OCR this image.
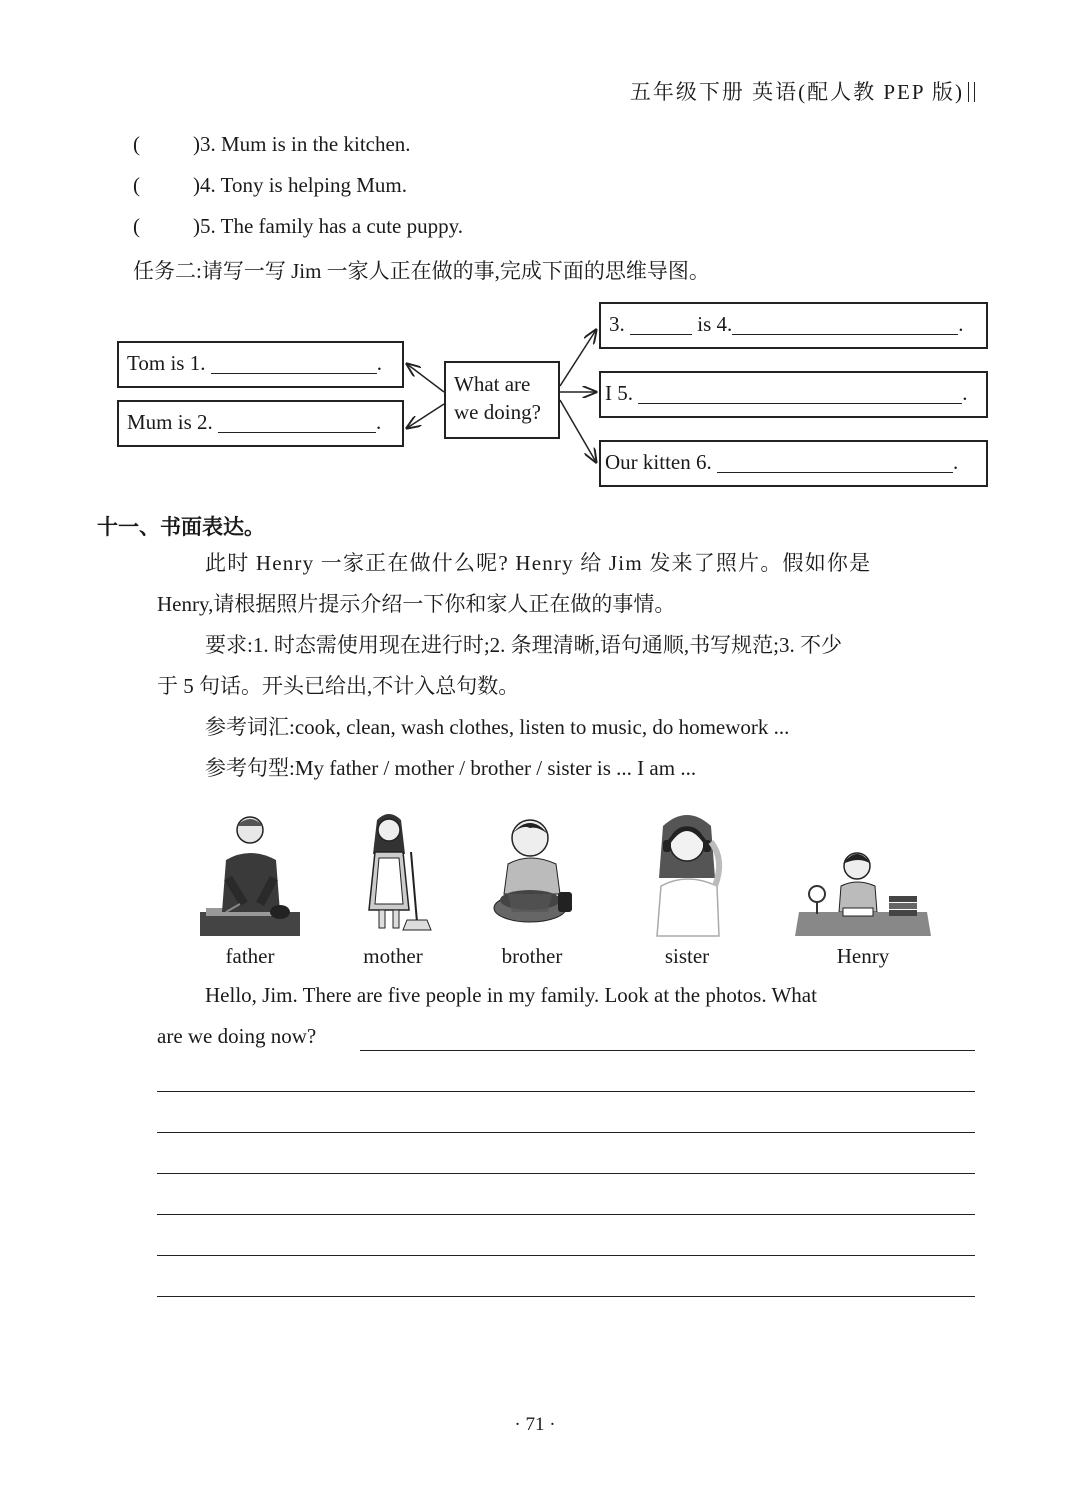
五年级下册 英语(配人教 PEP 版)
(	)3. Mum is in the kitchen.
(	)4. Tony is helping Mum.
(	)5. The family has a cute puppy.
任务二:请写一写 Jim 一家人正在做的事,完成下面的思维导图。
Tom is 1.	.
Mum is 2.	.
What are
we doing?
3.	is 4.	.
I 5.	.
Our kitten 6.	.
十一、书面表达。
此时 Henry 一家正在做什么呢? Henry 给 Jim 发来了照片。假如你是
Henry,请根据照片提示介绍一下你和家人正在做的事情。
要求:1. 时态需使用现在进行时;2. 条理清晰,语句通顺,书写规范;3. 不少
于 5 句话。开头已给出,不计入总句数。
参考词汇:cook, clean, wash clothes, listen to music, do homework ...
参考句型:My father / mother / brother / sister is ... I am ...
father	mother	brother	sister	Henry
Hello, Jim. There are five people in my family. Look at the photos. What
are we doing now?
· 71 ·
